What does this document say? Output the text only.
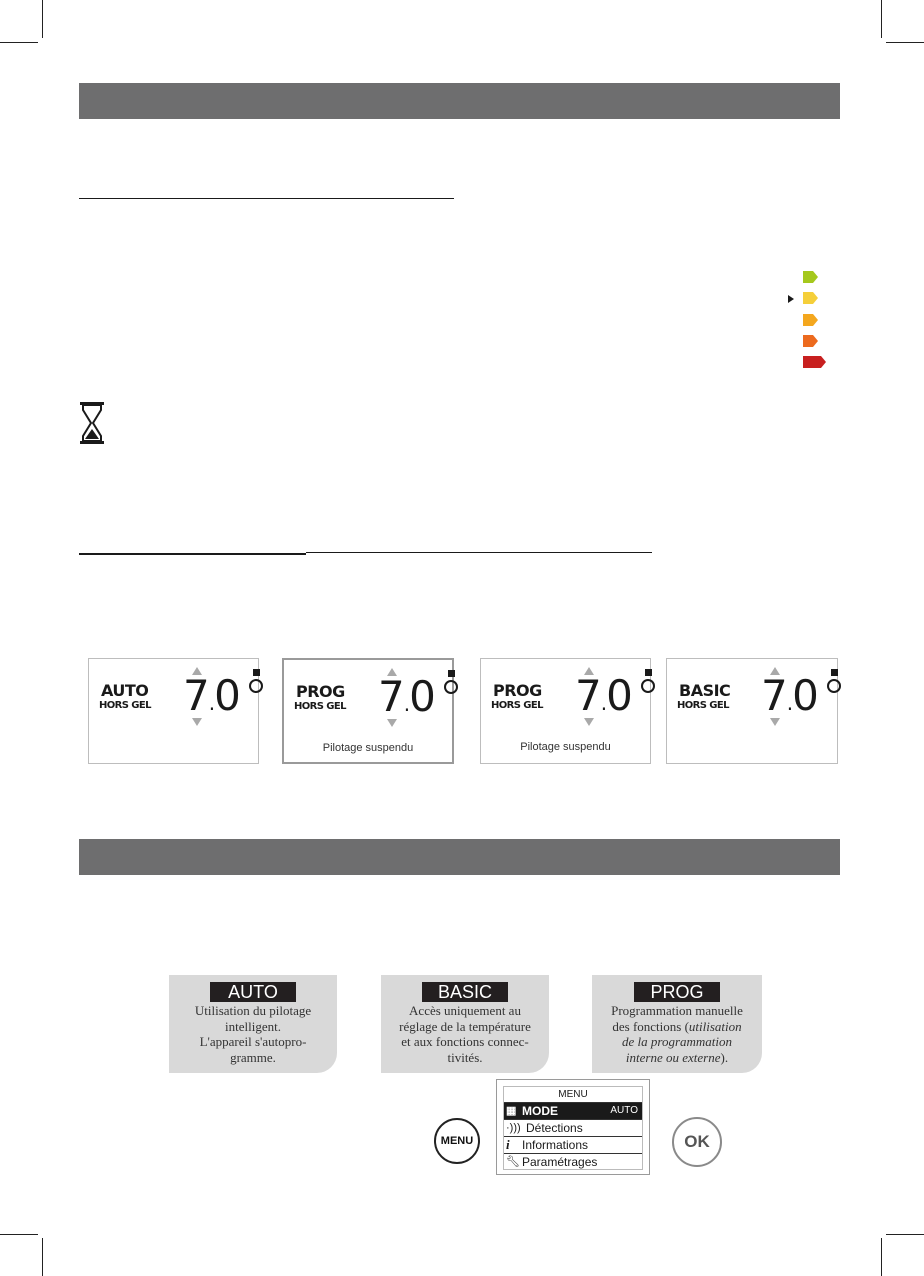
AUTO
HORS GEL 7.0	PROG
HORS GEL 7.0
Pilotage suspendu
PROG
HORS GEL 7.0
Pilotage suspendu
BASIC
HORS GEL 7.0
AUTO
Utilisation du pilotage
intelligent.
L'appareil s'autopro-
gramme.
BASIC
Accès uniquement au
réglage de la température
et aux fonctions connec-
tivités.
PROG
Programmation manuelle
des fonctions (utilisation
de la programmation
interne ou externe).
MENU
MENU
▦ MODE	AUTO
·))) Détections
i Informations
🔧︎ Paramétrages
OK
